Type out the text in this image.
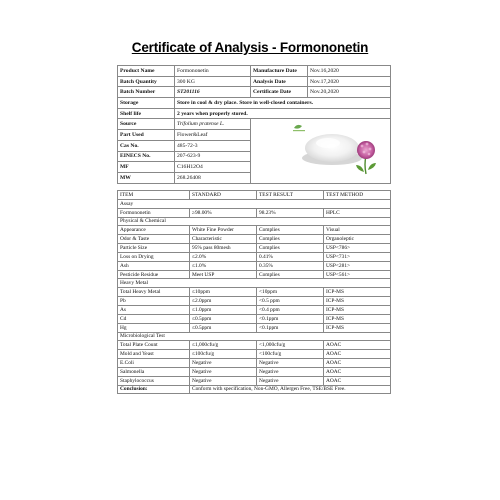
Certificate of Analysis - Formononetin
Product Name	Formononetin	Manufacture Date	Nov.16,2020
Batch Quantity	300 KG	Analysis Date	Nov.17,2020
Batch Number	ST201116	Certificate Date	Nov.20,2020
Storage	Store in cool & dry place. Store in well-closed containers.		
Shelf life	2 years when properly stored.		
Source	Trifolium pratense L.		
Part Used	Flower&Leaf		
Cas No.	485-72-3		
EINECS No.	207-623-9		
MF	C16H12O4		
MW	268.26408		
ITEM	STANDARD	TEST RESULT	TEST METHOD
Assay			
Formononetin	≥98.00%	98.23%	HPLC
Physical & Chemical			
Appearance	White Fine Powder	Complies	Visual
Odor & Taste	Characteristic	Complies	Organoleptic
Particle Size	95% pass 80mesh	Complies	USP<786>
Loss on Drying	≤2.0%	0.41%	USP<731>
Ash	≤1.0%	0.35%	USP<281>
Pesticide Residue	Meet USP	Complies	USP<561>
Heavy Metal			
Total Heavy Metal	≤10ppm	<10ppm	ICP-MS
Pb	≤2.0ppm	<0.5 ppm	ICP-MS
As	≤1.0ppm	<0.4 ppm	ICP-MS
Cd	≤0.5ppm	<0.1ppm	ICP-MS
Hg	≤0.5ppm	<0.1ppm	ICP-MS
Microbiological Test			
Total Plate Count	≤1,000cfu/g	<1,000cfu/g	AOAC
Mold and Yeast	≤100cfu/g	<100cfu/g	AOAC
E.Coli	Negative	Negative	AOAC
Salmonella	Negative	Negative	AOAC
Staphylococcus	Negative	Negative	AOAC
Conclusion:	Conform with specification, Non-GMO, Allergen Free, TSE/BSE Free.		
